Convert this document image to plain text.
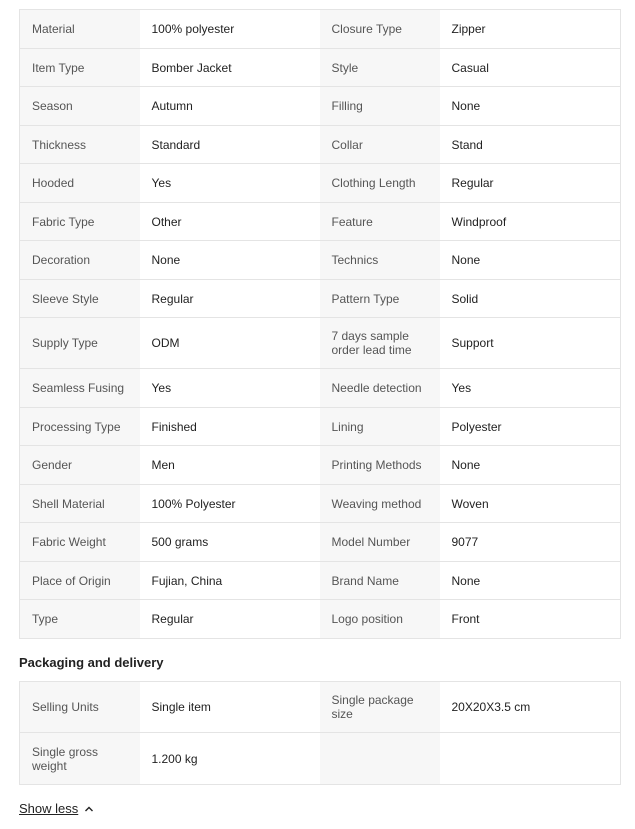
Material	100% polyester	Closure Type	Zipper
Item Type	Bomber Jacket	Style	Casual
Season	Autumn	Filling	None
Thickness	Standard	Collar	Stand
Hooded	Yes	Clothing Length	Regular
Fabric Type	Other	Feature	Windproof
Decoration	None	Technics	None
Sleeve Style	Regular	Pattern Type	Solid
Supply Type	ODM	7 days sample order lead time	Support
Seamless Fusing	Yes	Needle detection	Yes
Processing Type	Finished	Lining	Polyester
Gender	Men	Printing Methods	None
Shell Material	100% Polyester	Weaving method	Woven
Fabric Weight	500 grams	Model Number	9077
Place of Origin	Fujian, China	Brand Name	None
Type	Regular	Logo position	Front
Packaging and delivery
Selling Units	Single item	Single package size	20X20X3.5 cm
Single gross weight	1.200 kg		
Show less
